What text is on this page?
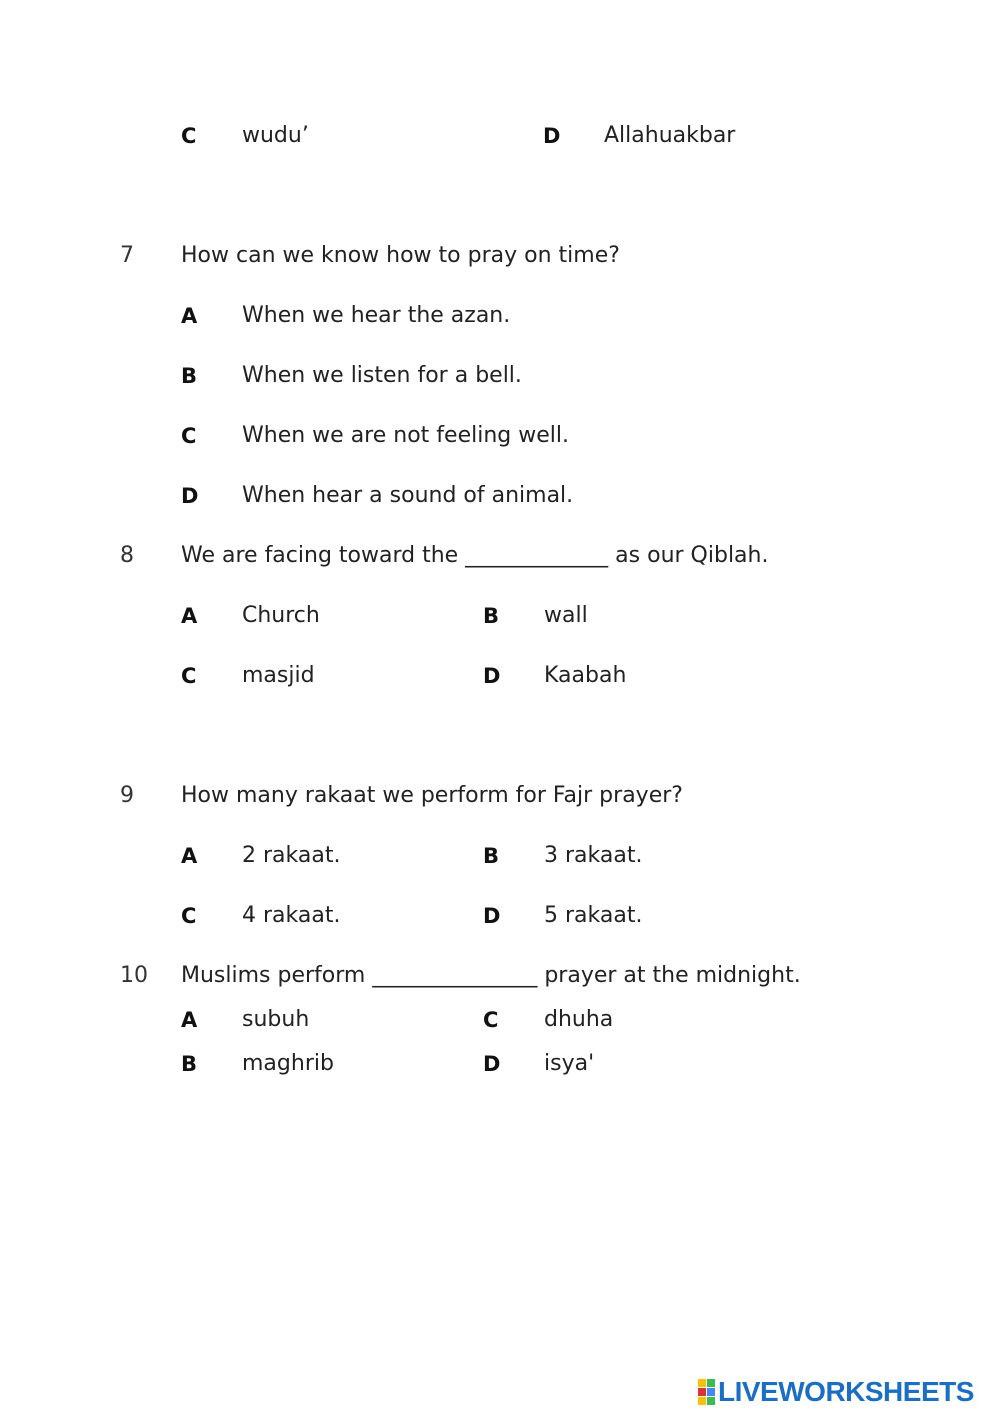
C wudu’	D Allahuakbar
7 How can we know how to pray on time?
A When we hear the azan.
B When we listen for a bell.
C When we are not feeling well.
D When hear a sound of animal.
8 We are facing toward the _____________ as our Qiblah.
A Church	B wall
C masjid	D Kaabah
9 How many rakaat we perform for Fajr prayer?
A 2 rakaat.	B 3 rakaat.
C 4 rakaat.	D 5 rakaat.
10 Muslims perform _______________ prayer at the midnight.
A subuh	C dhuha
B maghrib	D isya'
LIVEWORKSHEETS
